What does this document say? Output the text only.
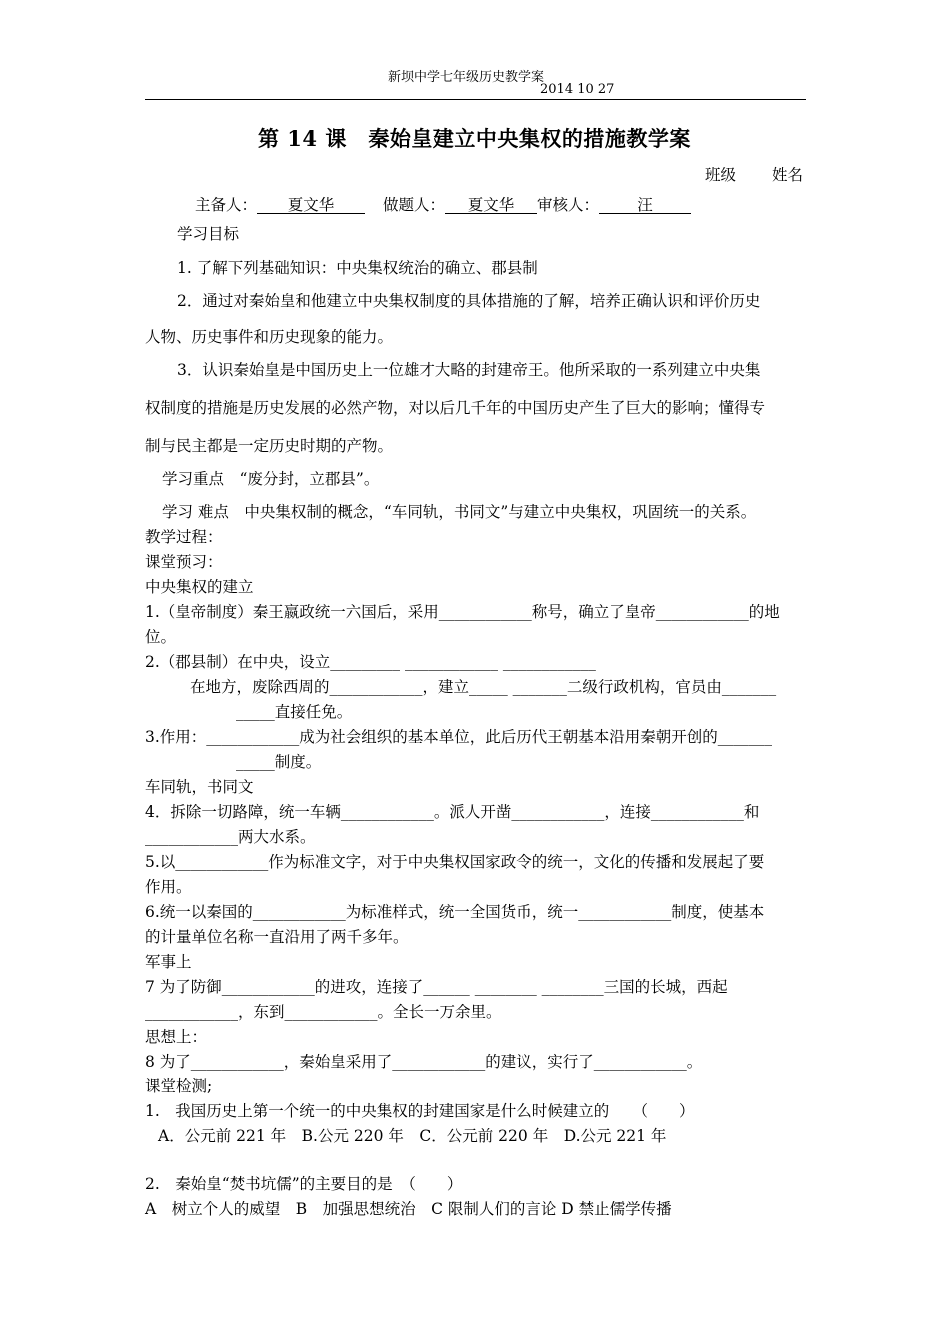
新坝中学七年级历史教学案
2014 10 27
第 14 课　秦始皇建立中央集权的措施教学案
班级 姓名
主备人： 夏文华	做题人： 夏文华 审核人： 汪
学习目标
1. 了解下列基础知识：中央集权统治的确立、郡县制
2．通过对秦始皇和他建立中央集权制度的具体措施的了解，培养正确认识和评价历史
人物、历史事件和历史现象的能力。
3．认识秦始皇是中国历史上一位雄才大略的封建帝王。他所采取的一系列建立中央集
权制度的措施是历史发展的必然产物，对以后几千年的中国历史产生了巨大的影响；懂得专
制与民主都是一定历史时期的产物。
学习重点　“废分封，立郡县”。
学习 难点　中央集权制的概念，“车同轨，书同文”与建立中央集权，巩固统一的关系。
教学过程：
课堂预习：
中央集权的建立
1.（皇帝制度）秦王嬴政统一六国后，采用____________称号，确立了皇帝____________的地
位。
2.（郡县制）在中央，设立_________ ____________ ____________
在地方，废除西周的____________，建立_____ _______二级行政机构，官员由_______
_____直接任免。
3.作用：____________成为社会组织的基本单位，此后历代王朝基本沿用秦朝开创的_______
_____制度。
车同轨，书同文
4．拆除一切路障，统一车辆____________。派人开凿____________，连接____________和
____________两大水系。
5.以____________作为标准文字，对于中央集权国家政令的统一，文化的传播和发展起了要
作用。
6.统一以秦国的____________为标准样式，统一全国货币，统一____________制度，使基本
的计量单位名称一直沿用了两千多年。
军事上
7 为了防御____________的进攻，连接了______ ________ ________三国的长城，西起
____________，东到____________。全长一万余里。
思想上：
8 为了____________，秦始皇采用了____________的建议，实行了____________。
课堂检测;
1.　我国历史上第一个统一的中央集权的封建国家是什么时候建立的　　（　　）
A．公元前 221 年　B.公元 220 年　C．公元前 220 年　D.公元 221 年
2.　秦始皇“焚书坑儒”的主要目的是　（　　）
A　树立个人的威望　B　加强思想统治　C 限制人们的言论 D 禁止儒学传播
